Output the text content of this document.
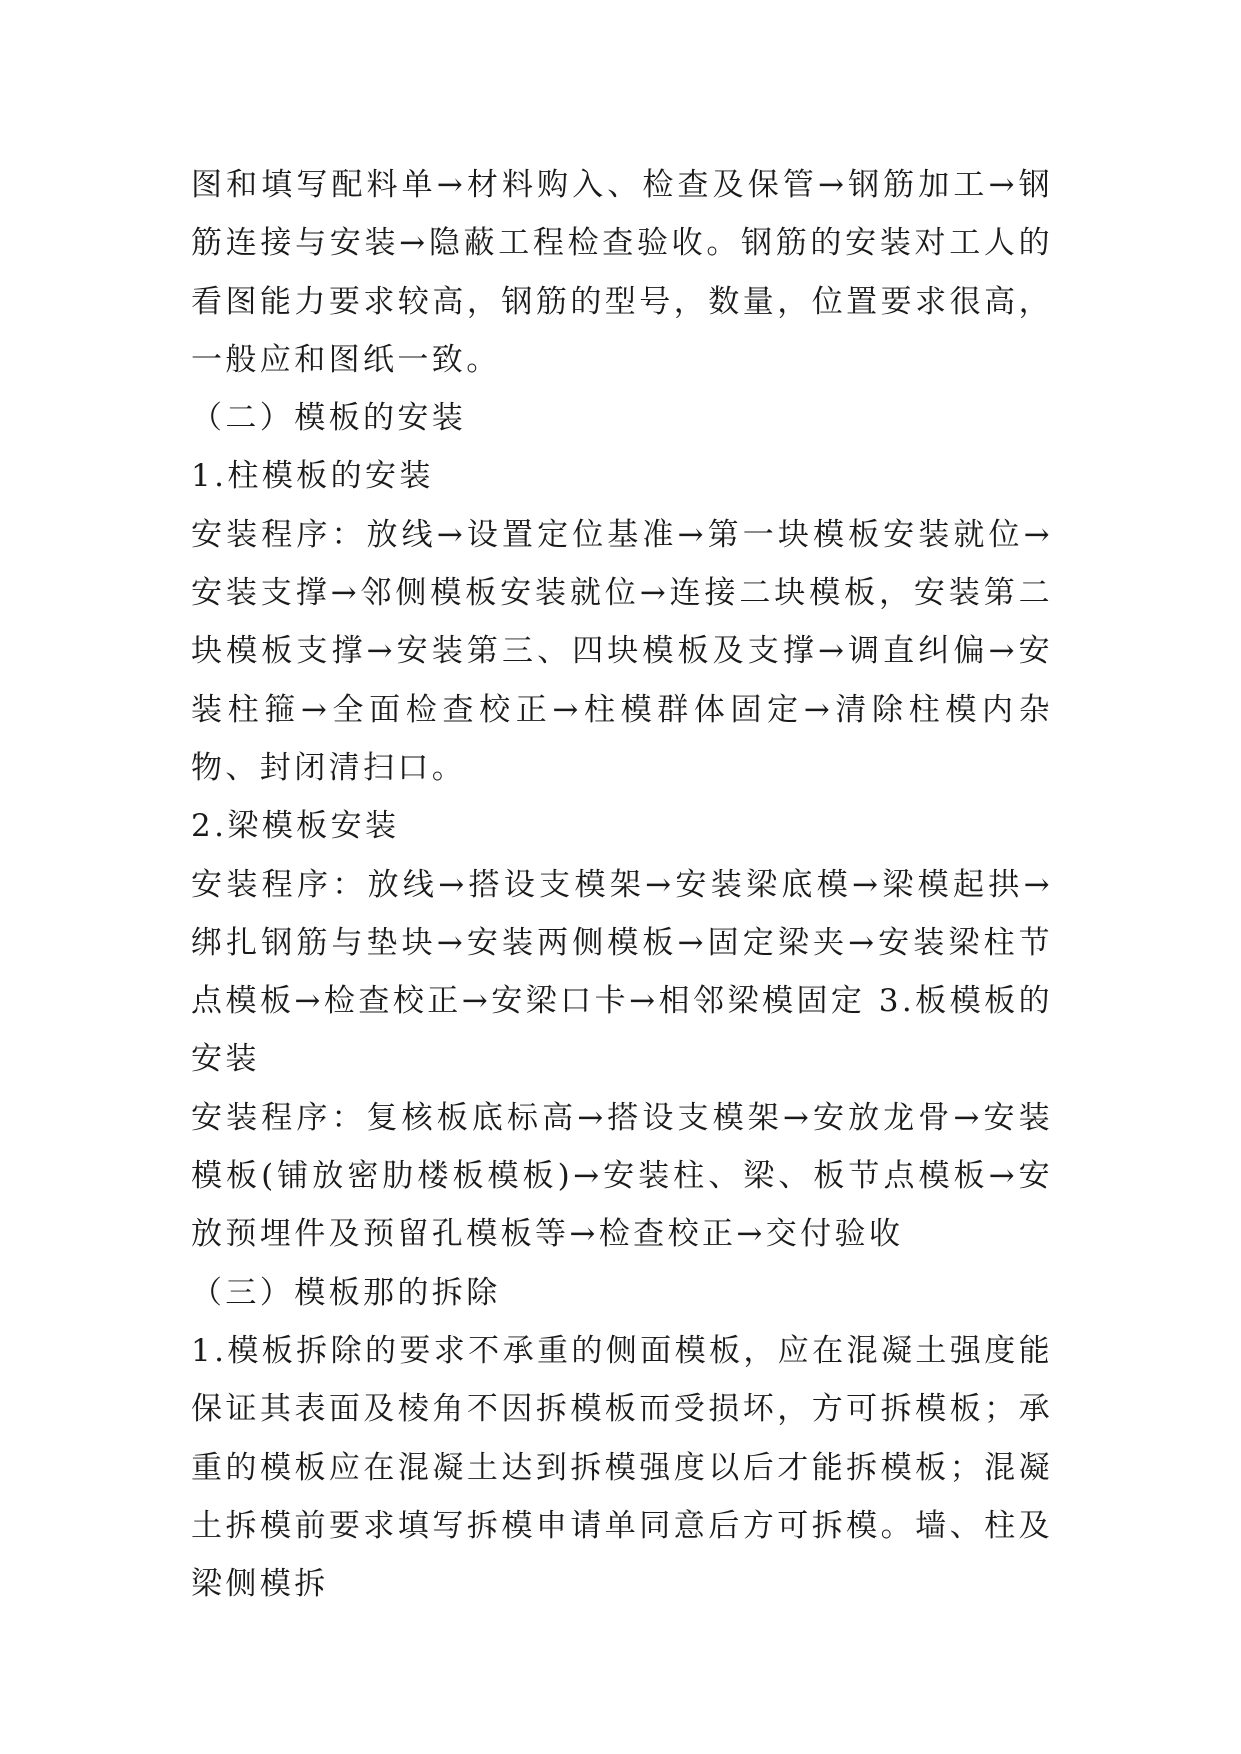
图和填写配料单→材料购入、检查及保管→钢筋加工→钢筋连接与安装→隐蔽工程检查验收。钢筋的安装对工人的看图能力要求较高，钢筋的型号，数量，位置要求很高，一般应和图纸一致。

（二）模板的安装

1.柱模板的安装

安装程序：放线→设置定位基准→第一块模板安装就位→安装支撑→邻侧模板安装就位→连接二块模板，安装第二块模板支撑→安装第三、四块模板及支撑→调直纠偏→安装柱箍→全面检查校正→柱模群体固定→清除柱模内杂物、封闭清扫口。

2.梁模板安装

安装程序：放线→搭设支模架→安装梁底模→梁模起拱→绑扎钢筋与垫块→安装两侧模板→固定梁夹→安装梁柱节点模板→检查校正→安梁口卡→相邻梁模固定 3.板模板的安装

安装程序：复核板底标高→搭设支模架→安放龙骨→安装模板(铺放密肋楼板模板)→安装柱、梁、板节点模板→安放预埋件及预留孔模板等→检查校正→交付验收

（三）模板那的拆除

1.模板拆除的要求不承重的侧面模板，应在混凝土强度能保证其表面及棱角不因拆模板而受损坏，方可拆模板；承重的模板应在混凝土达到拆模强度以后才能拆模板；混凝土拆模前要求填写拆模申请单同意后方可拆模。墙、柱及梁侧模拆
